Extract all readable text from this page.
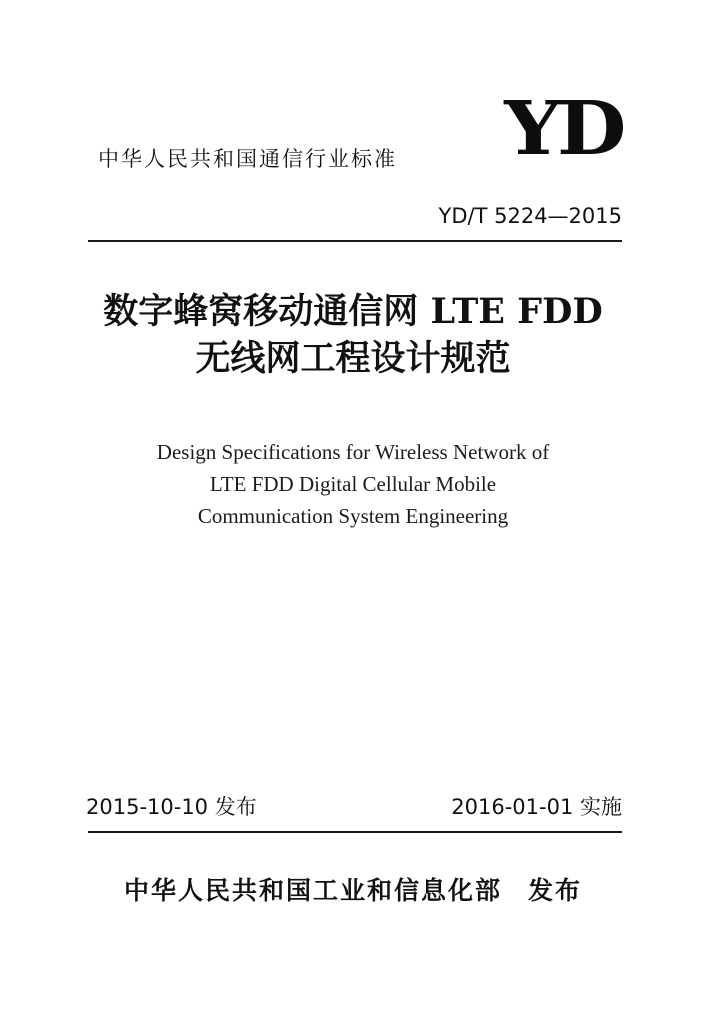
YD
中华人民共和国通信行业标准
YD/T 5224—2015
数字蜂窝移动通信网 LTE FDD
无线网工程设计规范
Design Specifications for Wireless Network of
LTE FDD Digital Cellular Mobile
Communication System Engineering
2015-10-10 发布	2016-01-01 实施
中华人民共和国工业和信息化部 发布
